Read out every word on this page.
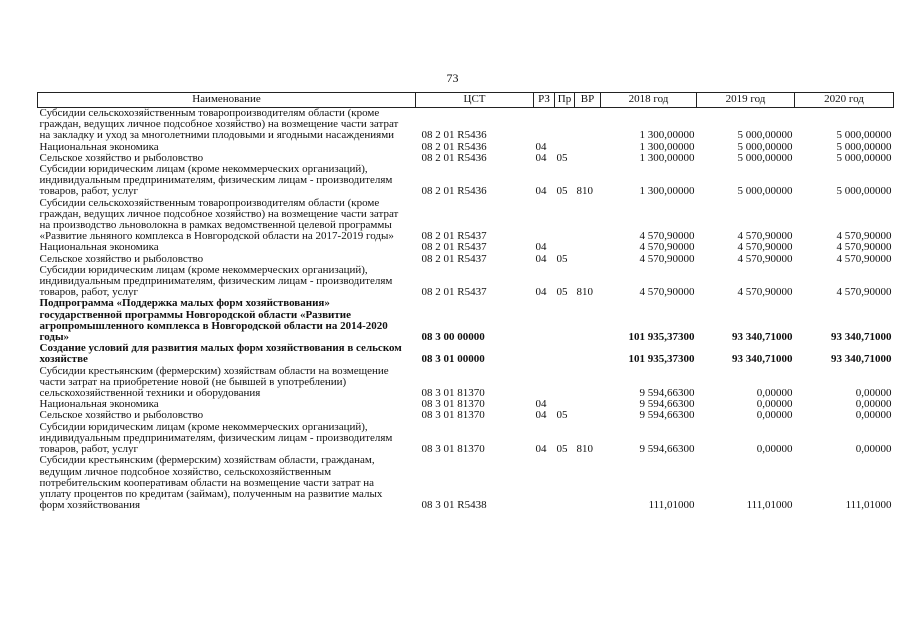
73
Наименование	ЦСТ	РЗ	Пр	ВР	2018 год	2019 год	2020 год
Субсидии сельскохозяйственным товаропроизводителям области (кроме граждан, ведущих личное подсобное хозяйство) на возмещение части затрат на закладку и уход за многолетними плодовыми и ягодными насаждениями	08 2 01 R5436				1 300,00000	5 000,00000	5 000,00000
Национальная экономика	08 2 01 R5436	04			1 300,00000	5 000,00000	5 000,00000
Сельское хозяйство и рыболовство	08 2 01 R5436	04	05		1 300,00000	5 000,00000	5 000,00000
Субсидии юридическим лицам (кроме некоммерческих организаций), индивидуальным предпринимателям, физическим лицам - производителям товаров, работ, услуг	08 2 01 R5436	04	05	810	1 300,00000	5 000,00000	5 000,00000
Субсидии сельскохозяйственным товаропроизводителям области (кроме граждан, ведущих личное подсобное хозяйство) на возмещение части затрат на производство льноволокна в рамках ведомственной целевой программы «Развитие льняного комплекса в Новгородской области на 2017-2019 годы»	08 2 01 R5437				4 570,90000	4 570,90000	4 570,90000
Национальная экономика	08 2 01 R5437	04			4 570,90000	4 570,90000	4 570,90000
Сельское хозяйство и рыболовство	08 2 01 R5437	04	05		4 570,90000	4 570,90000	4 570,90000
Субсидии юридическим лицам (кроме некоммерческих организаций), индивидуальным предпринимателям, физическим лицам - производителям товаров, работ, услуг	08 2 01 R5437	04	05	810	4 570,90000	4 570,90000	4 570,90000
Подпрограмма «Поддержка малых форм хозяйствования» государственной программы Новгородской области «Развитие агропромышленного комплекса в Новгородской области на 2014-2020 годы»	08 3 00 00000				101 935,37300	93 340,71000	93 340,71000
Создание условий для развития малых форм хозяйствования в сельском хозяйстве	08 3 01 00000				101 935,37300	93 340,71000	93 340,71000
Субсидии крестьянским (фермерским) хозяйствам области на возмещение части затрат на приобретение новой (не бывшей в употреблении) сельскохозяйственной техники и оборудования	08 3 01 81370				9 594,66300	0,00000	0,00000
Национальная экономика	08 3 01 81370	04			9 594,66300	0,00000	0,00000
Сельское хозяйство и рыболовство	08 3 01 81370	04	05		9 594,66300	0,00000	0,00000
Субсидии юридическим лицам (кроме некоммерческих организаций), индивидуальным предпринимателям, физическим лицам - производителям товаров, работ, услуг	08 3 01 81370	04	05	810	9 594,66300	0,00000	0,00000
Субсидии крестьянским (фермерским) хозяйствам области, гражданам, ведущим личное подсобное хозяйство, сельскохозяйственным потребительским кооперативам области на возмещение части затрат на уплату процентов по кредитам (займам), полученным на развитие малых форм хозяйствования	08 3 01 R5438				111,01000	111,01000	111,01000
